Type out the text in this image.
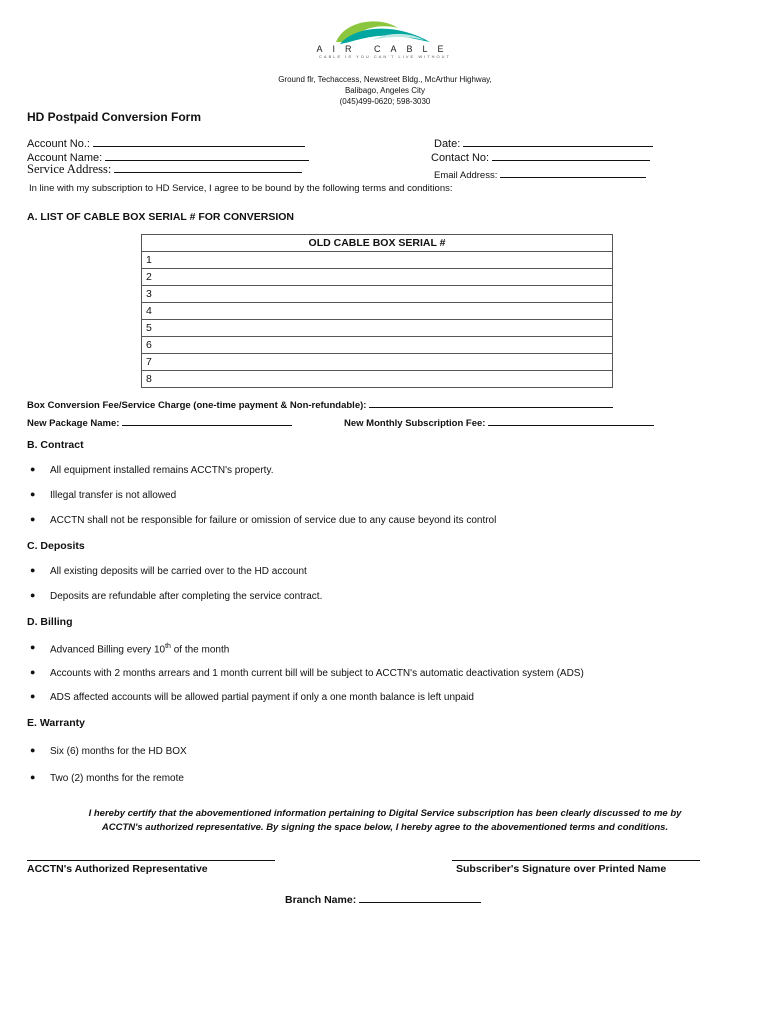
AIR CABLE
CABLE IS YOU CAN'T LIVE WITHOUT
Ground flr, Techaccess, Newstreet Bldg., McArthur Highway,
Balibago, Angeles City
(045)499-0620; 598-3030
HD Postpaid Conversion Form
Account No.:
Account Name:
Service Address:
Date:
Contact No:
Email Address:
In line with my subscription to HD Service, I agree to be bound by the following terms and conditions:
A. LIST OF CABLE BOX SERIAL # FOR CONVERSION
OLD CABLE BOX SERIAL #
1
2
3
4
5
6
7
8
Box Conversion Fee/Service Charge (one-time payment & Non-refundable):
New Package Name:	New Monthly Subscription Fee:
B. Contract
● All equipment installed remains ACCTN's property.
● Illegal transfer is not allowed
● ACCTN shall not be responsible for failure or omission of service due to any cause beyond its control
C. Deposits
● All existing deposits will be carried over to the HD account
● Deposits are refundable after completing the service contract.
D. Billing
● Advanced Billing every 10th of the month
● Accounts with 2 months arrears and 1 month current bill will be subject to ACCTN's automatic deactivation system (ADS)
● ADS affected accounts will be allowed partial payment if only a one month balance is left unpaid
E. Warranty
● Six (6) months for the HD BOX
● Two (2) months for the remote
I hereby certify that the abovementioned information pertaining to Digital Service subscription has been clearly discussed to me by
ACCTN's authorized representative. By signing the space below, I hereby agree to the abovementioned terms and conditions.
ACCTN's Authorized Representative	Subscriber's Signature over Printed Name
Branch Name:
